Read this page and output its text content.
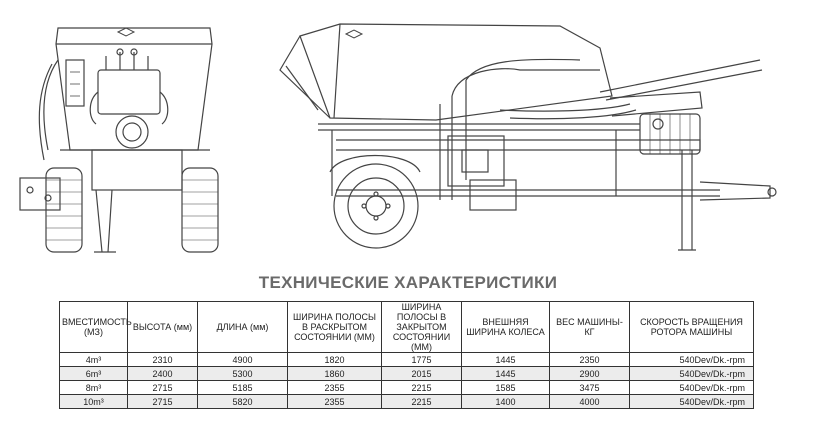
ТЕХНИЧЕСКИЕ ХАРАКТЕРИСТИКИ
ВМЕСТИМОСТЬ (МЗ)	ВЫСОТА (мм)	ДЛИНА (мм)	ШИРИНА ПОЛОСЫ В РАСКРЫТОМ СОСТОЯНИИ (ММ)	ШИРИНА ПОЛОСЫ В ЗАКРЫТОМ СОСТОЯНИИ (ММ)	ВНЕШНЯЯ ШИРИНА КОЛЕСА	ВЕС МАШИНЫ-КГ	СКОРОСТЬ ВРАЩЕНИЯ РОТОРА МАШИНЫ
4m³	2310	4900	1820	1775	1445	2350	540Dev/Dk.-rpm
6m³	2400	5300	1860	2015	1445	2900	540Dev/Dk.-rpm
8m³	2715	5185	2355	2215	1585	3475	540Dev/Dk.-rpm
10m³	2715	5820	2355	2215	1400	4000	540Dev/Dk.-rpm
